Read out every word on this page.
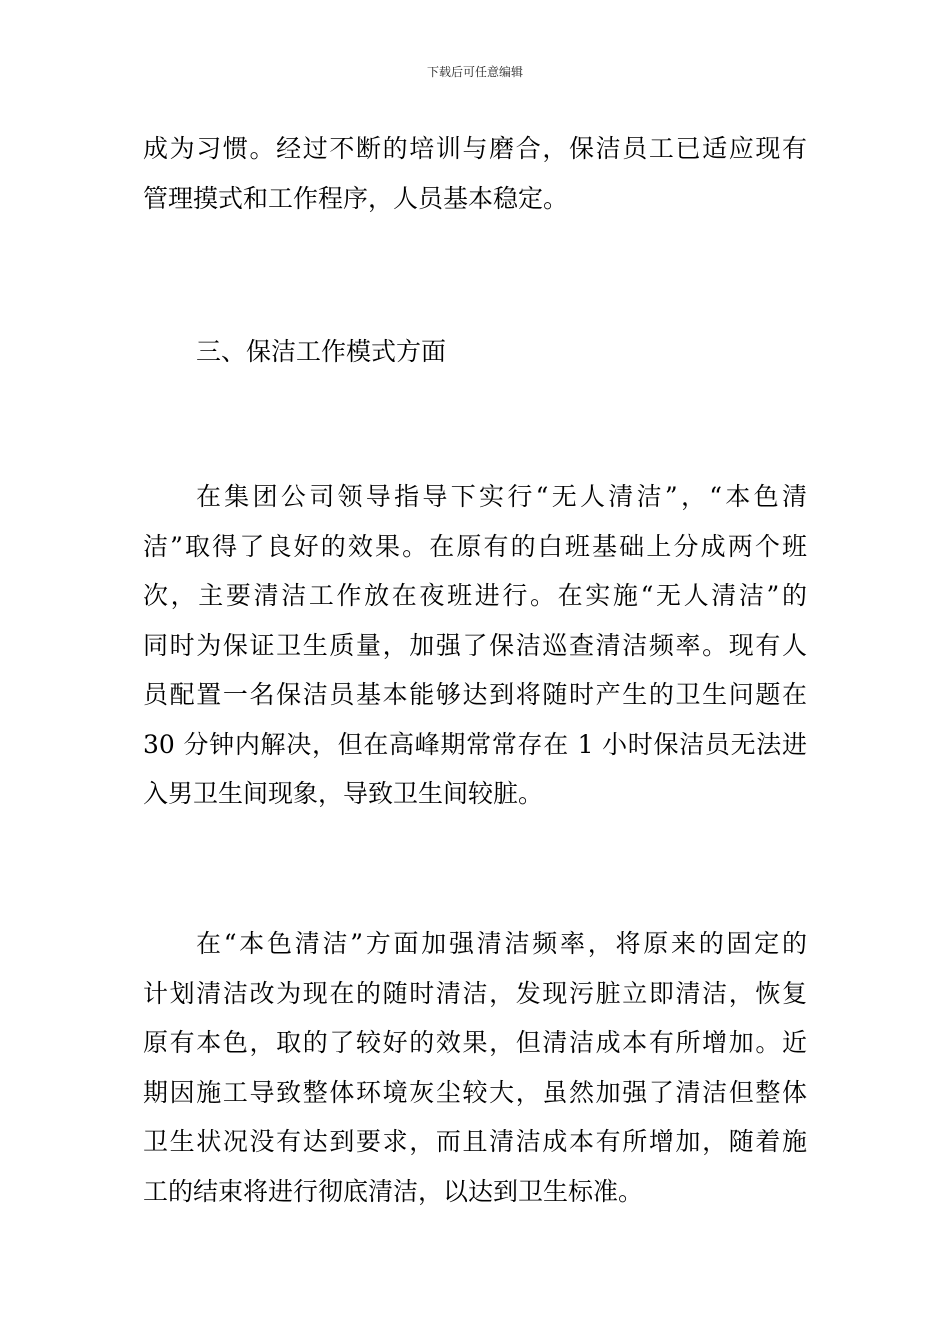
下载后可任意编辑
成为习惯。经过不断的培训与磨合，保洁员工已适应现有
管理摸式和工作程序，人员基本稳定。
三、保洁工作模式方面
在集团公司领导指导下实行“无人清洁”，“本色清
洁”取得了良好的效果。在原有的白班基础上分成两个班
次，主要清洁工作放在夜班进行。在实施“无人清洁”的
同时为保证卫生质量，加强了保洁巡查清洁频率。现有人
员配置一名保洁员基本能够达到将随时产生的卫生问题在
30 分钟内解决，但在高峰期常常存在 1 小时保洁员无法进
入男卫生间现象，导致卫生间较脏。
在“本色清洁”方面加强清洁频率，将原来的固定的
计划清洁改为现在的随时清洁，发现污脏立即清洁，恢复
原有本色，取的了较好的效果，但清洁成本有所增加。近
期因施工导致整体环境灰尘较大，虽然加强了清洁但整体
卫生状况没有达到要求，而且清洁成本有所增加，随着施
工的结束将进行彻底清洁，以达到卫生标准。
